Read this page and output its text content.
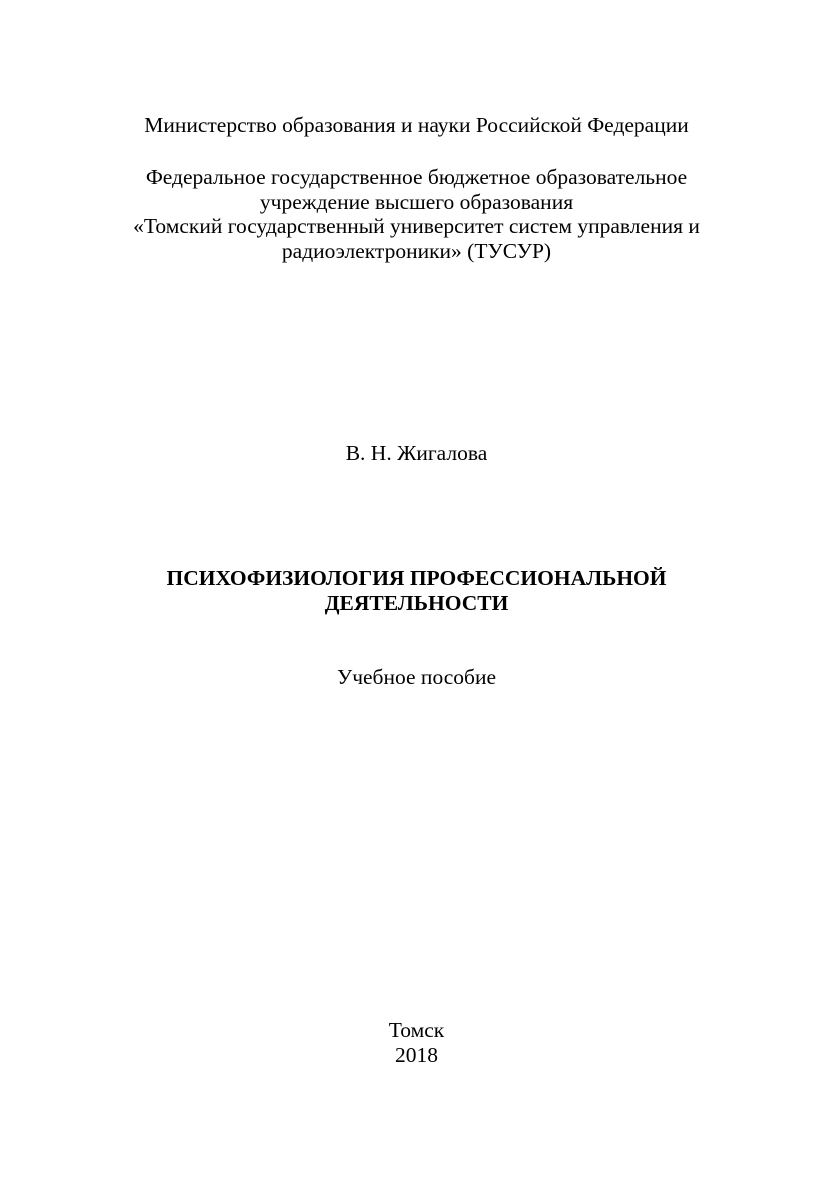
Министерство образования и науки Российской Федерации

Федеральное государственное бюджетное образовательное

учреждение высшего образования

«Томский государственный университет систем управления и

радиоэлектроники» (ТУСУР)

В. Н. Жигалова

ПСИХОФИЗИОЛОГИЯ ПРОФЕССИОНАЛЬНОЙ

ДЕЯТЕЛЬНОСТИ

Учебное пособие

Томск

2018
